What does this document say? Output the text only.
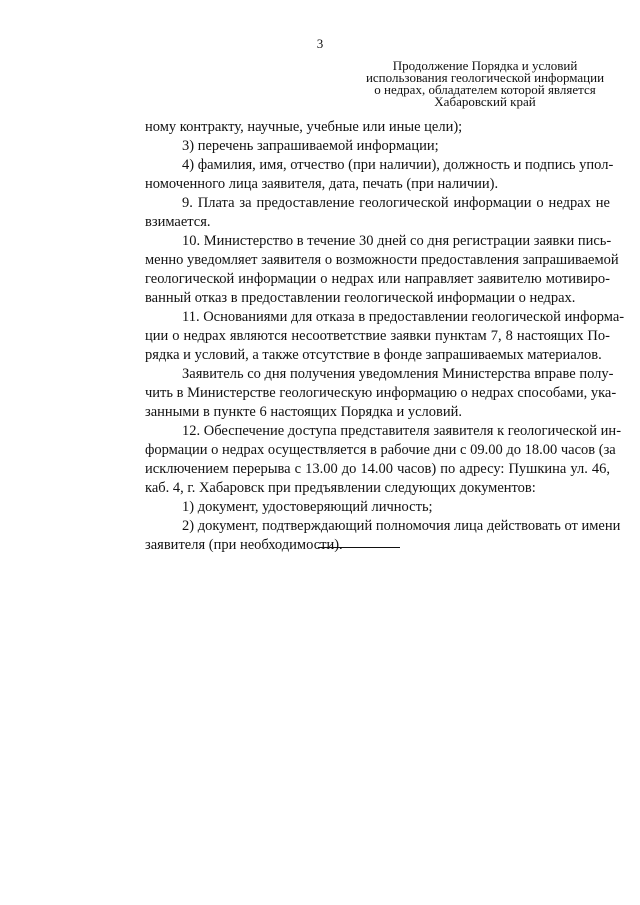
3
Продолжение Порядка и условий
использования геологической информации
о недрах, обладателем которой является
Хабаровский край
ному контракту, научные, учебные или иные цели);
3) перечень запрашиваемой информации;
4) фамилия, имя, отчество (при наличии), должность и подпись упол-
номоченного лица заявителя, дата, печать (при наличии).
9. Плата за предоставление геологической информации о недрах не
взимается.
10. Министерство в течение 30 дней со дня регистрации заявки пись-
менно уведомляет заявителя о возможности предоставления запрашиваемой
геологической информации о недрах или направляет заявителю мотивиро-
ванный отказ в предоставлении геологической информации о недрах.
11. Основаниями для отказа в предоставлении геологической информа-
ции о недрах являются несоответствие заявки пунктам 7, 8 настоящих По-
рядка и условий, а также отсутствие в фонде запрашиваемых материалов.
Заявитель со дня получения уведомления Министерства вправе полу-
чить в Министерстве геологическую информацию о недрах способами, ука-
занными в пункте 6 настоящих Порядка и условий.
12. Обеспечение доступа представителя заявителя к геологической ин-
формации о недрах осуществляется в рабочие дни с 09.00 до 18.00 часов (за
исключением перерыва с 13.00 до 14.00 часов) по адресу: Пушкина ул. 46,
каб. 4, г. Хабаровск при предъявлении следующих документов:
1) документ, удостоверяющий личность;
2) документ, подтверждающий полномочия лица действовать от имени
заявителя (при необходимости).
